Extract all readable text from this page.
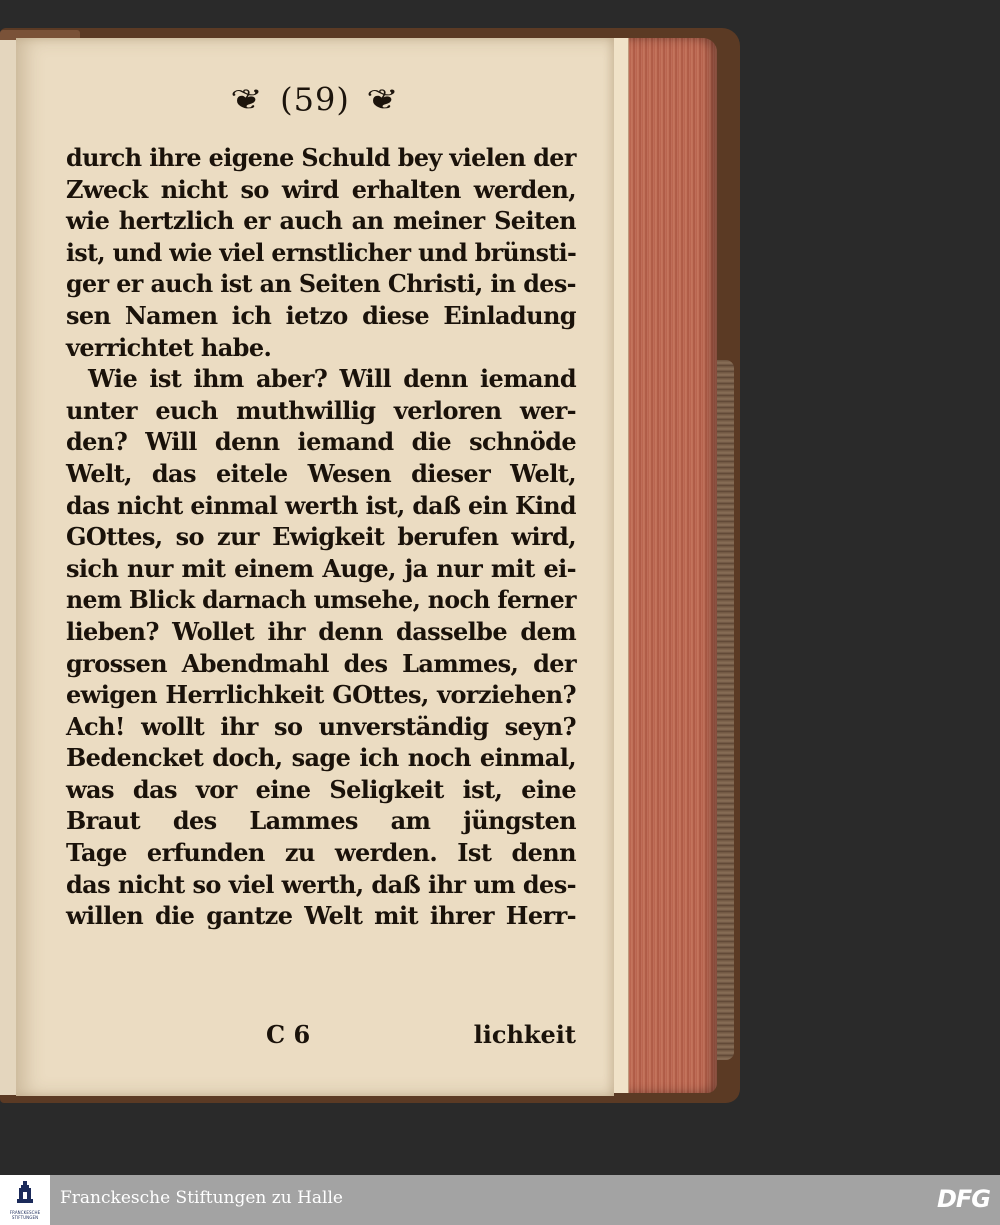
❦ (59) ❦
durch ihre eigene Schuld bey vielen der
Zweck nicht so wird erhalten werden,
wie hertzlich er auch an meiner Seiten
ist, und wie viel ernstlicher und brünsti-
ger er auch ist an Seiten Christi, in des-
sen Namen ich ietzo diese Einladung
verrichtet habe.
Wie ist ihm aber? Will denn iemand
unter euch muthwillig verloren wer-
den? Will denn iemand die schnöde
Welt, das eitele Wesen dieser Welt,
das nicht einmal werth ist, daß ein Kind
GOttes, so zur Ewigkeit berufen wird,
sich nur mit einem Auge, ja nur mit ei-
nem Blick darnach umsehe, noch ferner
lieben? Wollet ihr denn dasselbe dem
grossen Abendmahl des Lammes, der
ewigen Herrlichkeit GOttes, vorziehen?
Ach! wollt ihr so unverständig seyn?
Bedencket doch, sage ich noch einmal,
was das vor eine Seligkeit ist, eine
Braut des Lammes am jüngsten
Tage erfunden zu werden. Ist denn
das nicht so viel werth, daß ihr um des-
willen die gantze Welt mit ihrer Herr-
C 6	lichkeit
FRANCKESCHE
STIFTUNGEN
Franckesche Stiftungen zu Halle	DFG
